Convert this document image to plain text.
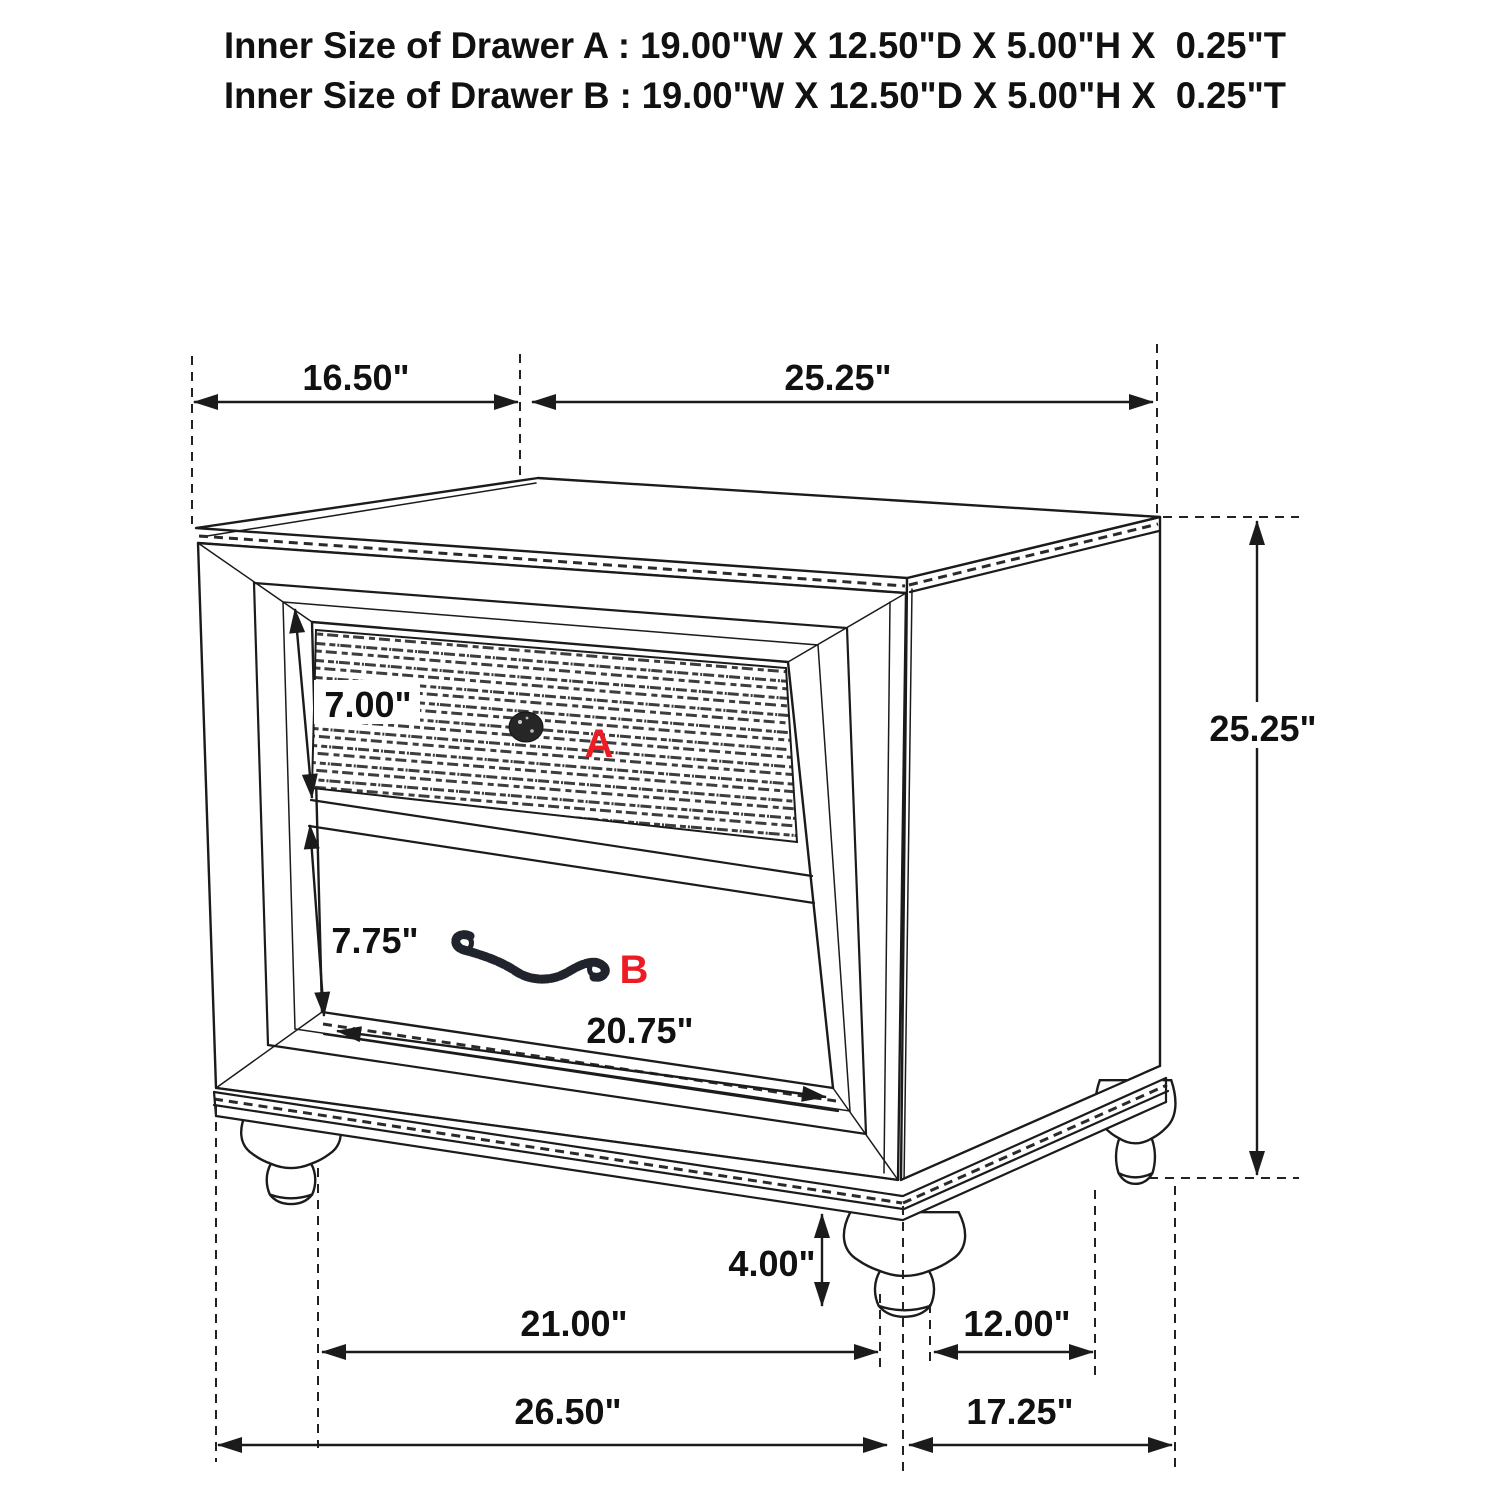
Inner Size of Drawer A : 19.00"W X 12.50"D X 5.00"H X  0.25"T
Inner Size of Drawer B : 19.00"W X 12.50"D X 5.00"H X  0.25"T
16.50"	25.25"
25.25"
7.00"
7.75"
20.75"
4.00"
21.00"	12.00"
26.50"	17.25"
A
B
